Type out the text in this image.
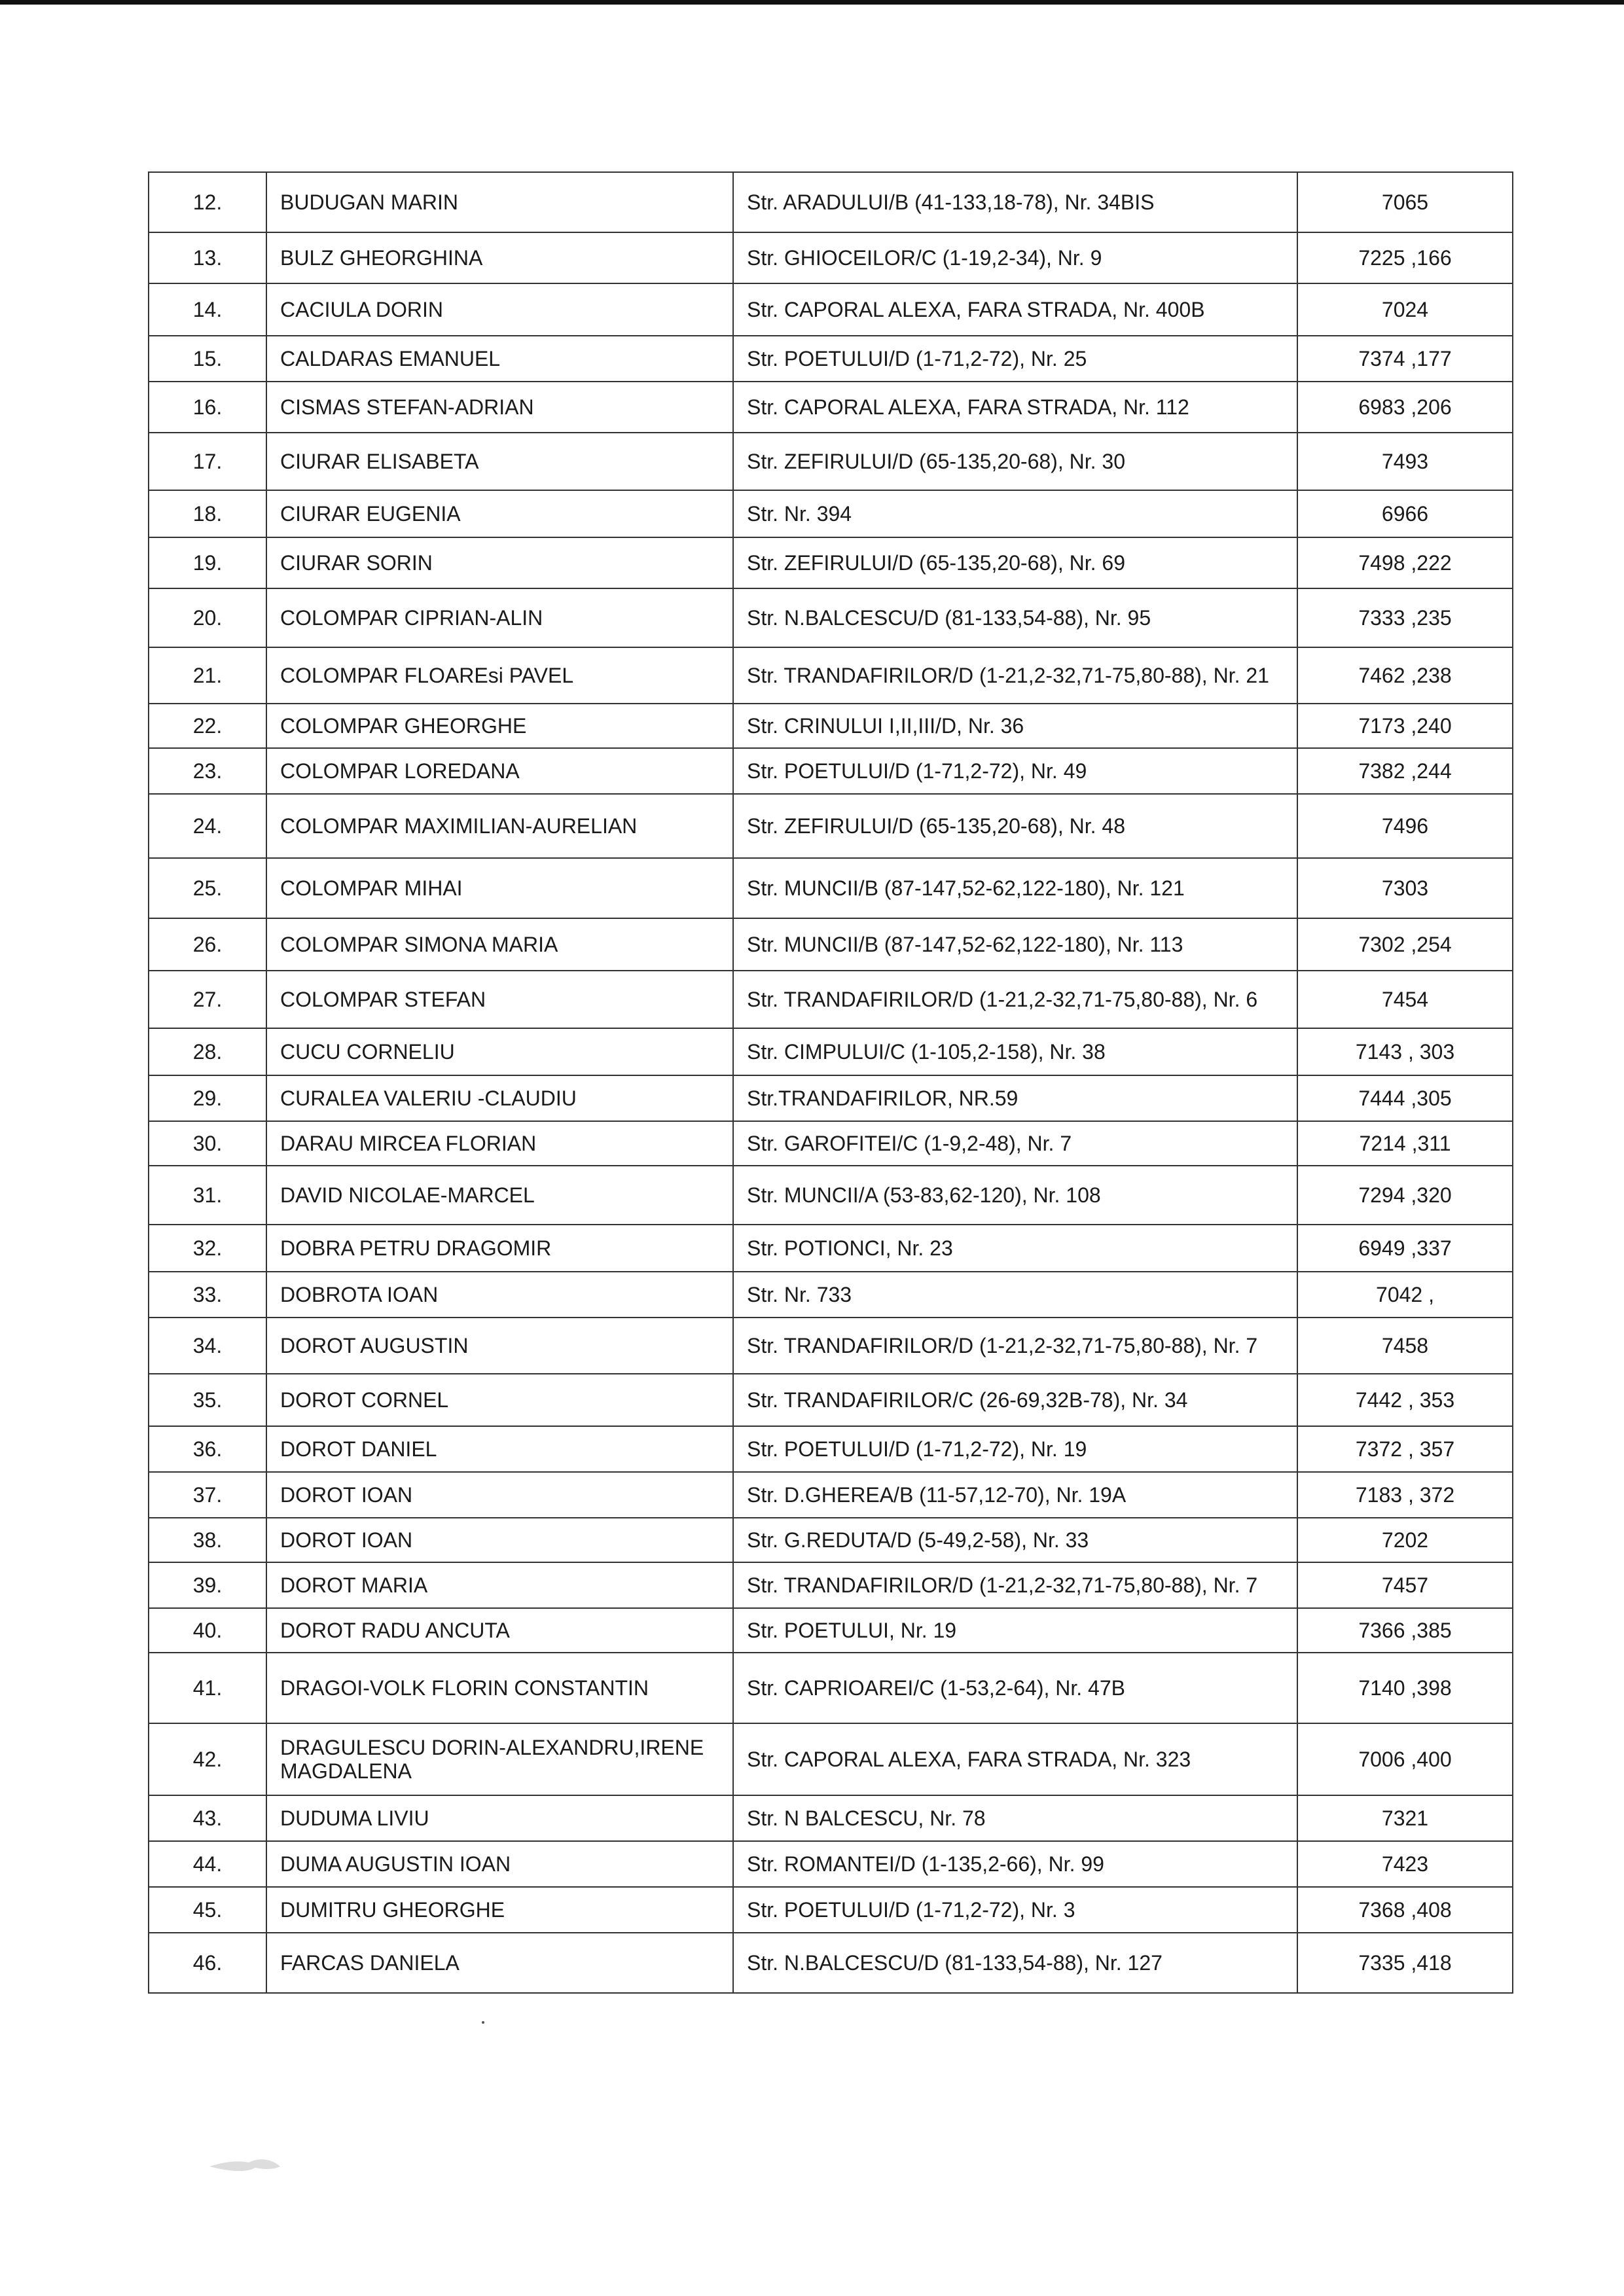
12.	BUDUGAN MARIN	Str. ARADULUI/B (41-133,18-78), Nr. 34BIS	7065
13.	BULZ GHEORGHINA	Str. GHIOCEILOR/C (1-19,2-34), Nr. 9	7225 ,166
14.	CACIULA DORIN	Str. CAPORAL ALEXA, FARA STRADA, Nr. 400B	7024
15.	CALDARAS EMANUEL	Str. POETULUI/D (1-71,2-72), Nr. 25	7374 ,177
16.	CISMAS STEFAN-ADRIAN	Str. CAPORAL ALEXA, FARA STRADA, Nr. 112	6983 ,206
17.	CIURAR ELISABETA	Str. ZEFIRULUI/D (65-135,20-68), Nr. 30	7493
18.	CIURAR EUGENIA	Str. Nr. 394	6966
19.	CIURAR SORIN	Str. ZEFIRULUI/D (65-135,20-68), Nr. 69	7498 ,222
20.	COLOMPAR CIPRIAN-ALIN	Str. N.BALCESCU/D (81-133,54-88), Nr. 95	7333 ,235
21.	COLOMPAR FLOAREsi PAVEL	Str. TRANDAFIRILOR/D (1-21,2-32,71-75,80-88), Nr. 21	7462 ,238
22.	COLOMPAR GHEORGHE	Str. CRINULUI I,II,III/D, Nr. 36	7173 ,240
23.	COLOMPAR LOREDANA	Str. POETULUI/D (1-71,2-72), Nr. 49	7382 ,244
24.	COLOMPAR MAXIMILIAN-AURELIAN	Str. ZEFIRULUI/D (65-135,20-68), Nr. 48	7496
25.	COLOMPAR MIHAI	Str. MUNCII/B (87-147,52-62,122-180), Nr. 121	7303
26.	COLOMPAR SIMONA MARIA	Str. MUNCII/B (87-147,52-62,122-180), Nr. 113	7302 ,254
27.	COLOMPAR STEFAN	Str. TRANDAFIRILOR/D (1-21,2-32,71-75,80-88), Nr. 6	7454
28.	CUCU CORNELIU	Str. CIMPULUI/C (1-105,2-158), Nr. 38	7143 , 303
29.	CURALEA VALERIU -CLAUDIU	Str.TRANDAFIRILOR, NR.59	7444 ,305
30.	DARAU MIRCEA FLORIAN	Str. GAROFITEI/C (1-9,2-48), Nr. 7	7214 ,311
31.	DAVID NICOLAE-MARCEL	Str. MUNCII/A (53-83,62-120), Nr. 108	7294 ,320
32.	DOBRA PETRU DRAGOMIR	Str. POTIONCI, Nr. 23	6949 ,337
33.	DOBROTA IOAN	Str. Nr. 733	7042 ,
34.	DOROT AUGUSTIN	Str. TRANDAFIRILOR/D (1-21,2-32,71-75,80-88), Nr. 7	7458
35.	DOROT CORNEL	Str. TRANDAFIRILOR/C (26-69,32B-78), Nr. 34	7442 , 353
36.	DOROT DANIEL	Str. POETULUI/D (1-71,2-72), Nr. 19	7372 , 357
37.	DOROT IOAN	Str. D.GHEREA/B (11-57,12-70), Nr. 19A	7183 , 372
38.	DOROT IOAN	Str. G.REDUTA/D (5-49,2-58), Nr. 33	7202
39.	DOROT MARIA	Str. TRANDAFIRILOR/D (1-21,2-32,71-75,80-88), Nr. 7	7457
40.	DOROT RADU ANCUTA	Str. POETULUI, Nr. 19	7366 ,385
41.	DRAGOI-VOLK FLORIN CONSTANTIN	Str. CAPRIOAREI/C (1-53,2-64), Nr. 47B	7140 ,398
42.	DRAGULESCU DORIN-ALEXANDRU,IRENE MAGDALENA	Str. CAPORAL ALEXA, FARA STRADA, Nr. 323	7006 ,400
43.	DUDUMA LIVIU	Str. N BALCESCU, Nr. 78	7321
44.	DUMA AUGUSTIN IOAN	Str. ROMANTEI/D (1-135,2-66), Nr. 99	7423
45.	DUMITRU GHEORGHE	Str. POETULUI/D (1-71,2-72), Nr. 3	7368 ,408
46.	FARCAS DANIELA	Str. N.BALCESCU/D (81-133,54-88), Nr. 127	7335 ,418
